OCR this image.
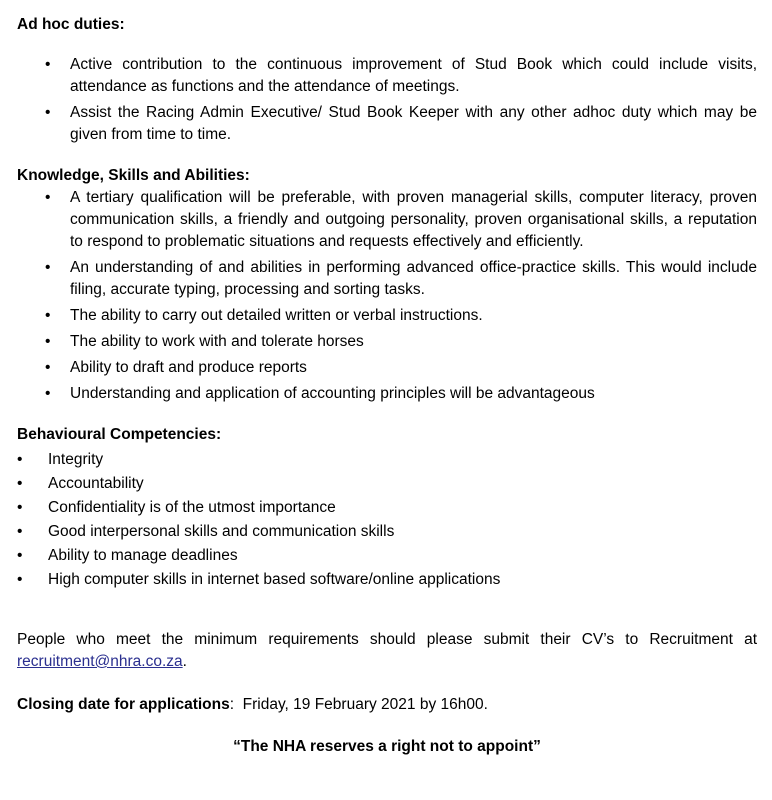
Ad hoc duties:
• Active contribution to the continuous improvement of Stud Book which could include visits, attendance as functions and the attendance of meetings.
• Assist the Racing Admin Executive/ Stud Book Keeper with any other adhoc duty which may be given from time to time.
Knowledge, Skills and Abilities:
• A tertiary qualification will be preferable, with proven managerial skills, computer literacy, proven communication skills, a friendly and outgoing personality, proven organisational skills, a reputation to respond to problematic situations and requests effectively and efficiently.
• An understanding of and abilities in performing advanced office-practice skills. This would include filing, accurate typing, processing and sorting tasks.
• The ability to carry out detailed written or verbal instructions.
• The ability to work with and tolerate horses
• Ability to draft and produce reports
• Understanding and application of accounting principles will be advantageous
Behavioural Competencies:
• Integrity
• Accountability
• Confidentiality is of the utmost importance
• Good interpersonal skills and communication skills
• Ability to manage deadlines
• High computer skills in internet based software/online applications

People who meet the minimum requirements should please submit their CV’s to Recruitment at recruitment@nhra.co.za.

Closing date for applications:  Friday, 19 February 2021 by 16h00.

“The NHA reserves a right not to appoint”
